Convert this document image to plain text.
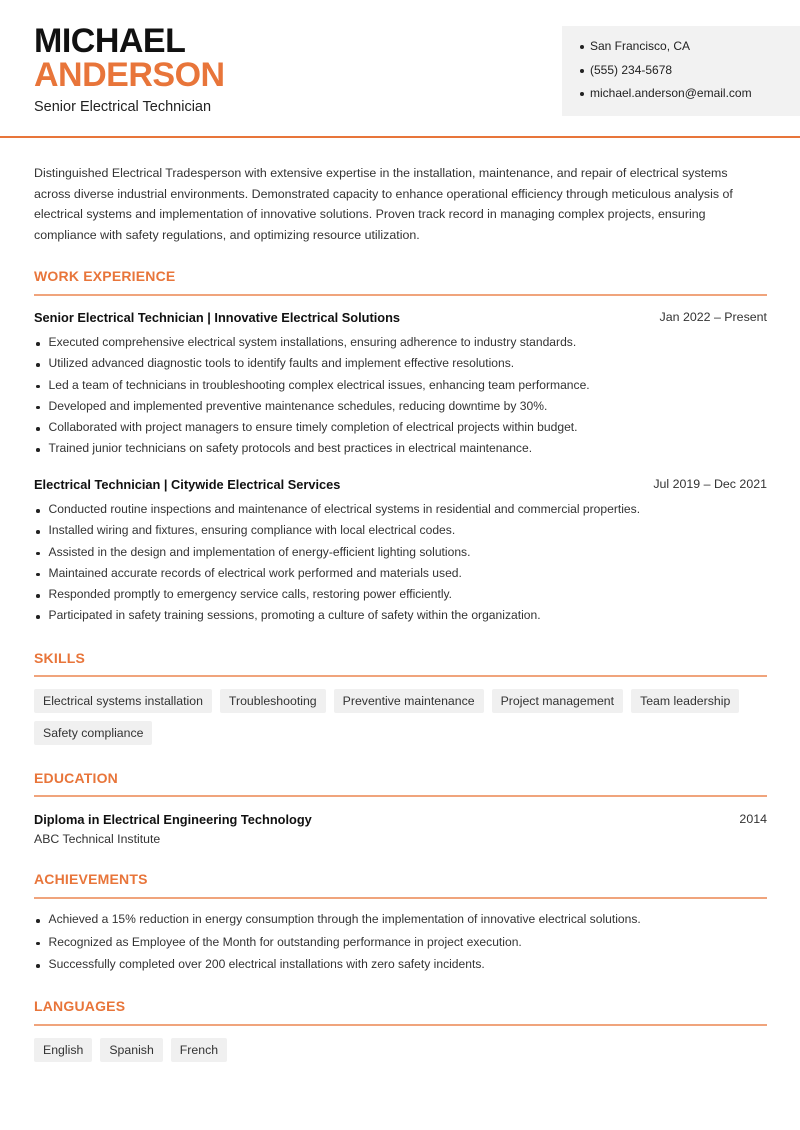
MICHAEL
ANDERSON
Senior Electrical Technician
San Francisco, CA
(555) 234-5678
michael.anderson@email.com

Distinguished Electrical Tradesperson with extensive expertise in the installation, maintenance, and repair of electrical systems across diverse industrial environments. Demonstrated capacity to enhance operational efficiency through meticulous analysis of electrical systems and implementation of innovative solutions. Proven track record in managing complex projects, ensuring compliance with safety regulations, and optimizing resource utilization.

WORK EXPERIENCE
Senior Electrical Technician | Innovative Electrical Solutions	Jan 2022 – Present
Executed comprehensive electrical system installations, ensuring adherence to industry standards.
Utilized advanced diagnostic tools to identify faults and implement effective resolutions.
Led a team of technicians in troubleshooting complex electrical issues, enhancing team performance.
Developed and implemented preventive maintenance schedules, reducing downtime by 30%.
Collaborated with project managers to ensure timely completion of electrical projects within budget.
Trained junior technicians on safety protocols and best practices in electrical maintenance.
Electrical Technician | Citywide Electrical Services	Jul 2019 – Dec 2021
Conducted routine inspections and maintenance of electrical systems in residential and commercial properties.
Installed wiring and fixtures, ensuring compliance with local electrical codes.
Assisted in the design and implementation of energy-efficient lighting solutions.
Maintained accurate records of electrical work performed and materials used.
Responded promptly to emergency service calls, restoring power efficiently.
Participated in safety training sessions, promoting a culture of safety within the organization.
SKILLS
Electrical systems installation	Troubleshooting	Preventive maintenance	Project management	Team leadership
Safety compliance
EDUCATION
Diploma in Electrical Engineering Technology	2014
ABC Technical Institute
ACHIEVEMENTS
Achieved a 15% reduction in energy consumption through the implementation of innovative electrical solutions.
Recognized as Employee of the Month for outstanding performance in project execution.
Successfully completed over 200 electrical installations with zero safety incidents.
LANGUAGES
English	Spanish	French
